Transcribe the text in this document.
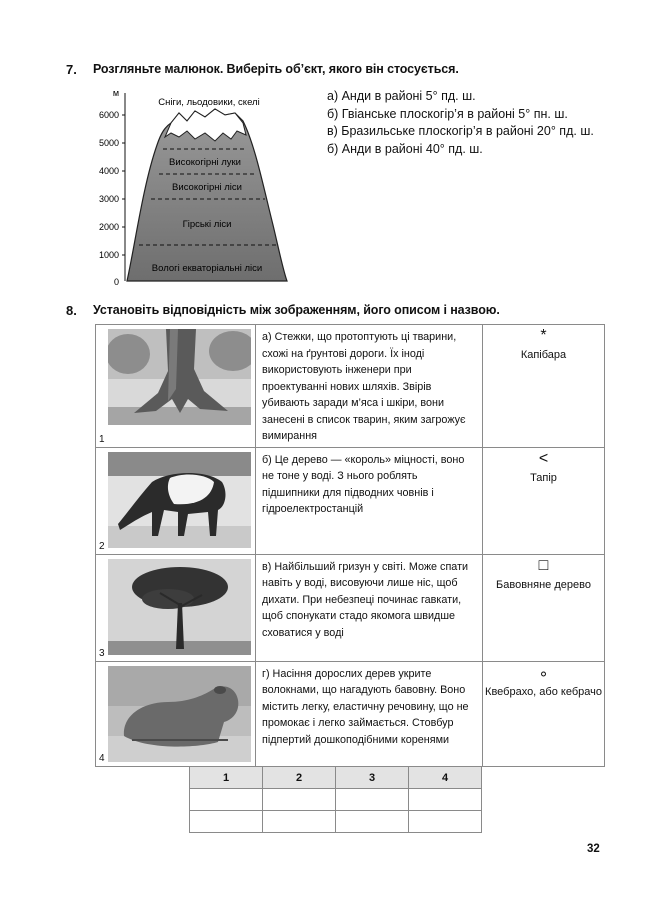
7. Розгляньте малюнок. Виберіть об’єкт, якого він стосується.
м
6000
5000
4000
3000
2000
1000
0
Сніги, льодовики, скелі
Високогірні луки
Високогірні ліси
Гірські ліси
Вологі екваторіальні ліси
а) Анди в районі 5° пд. ш.
б) Гвіанське плоскогір’я в районі 5° пн. ш.
в) Бразильське плоскогір’я в районі 20° пд. ш.
б) Анди в районі 40° пд. ш.
8. Установіть відповідність між зображенням, його описом і назвою.
1	а) Стежки, що протоптують ці тварини, схожі на ґрунтові дороги. Їх іноді використовують інженери при проектуванні нових шляхів. Звірів убивають заради м’яса і шкіри, вони занесені в список тварин, яким загрожує вимирання	*
Капібара

2	б) Це дерево — «король» міцності, воно не тоне у воді. З нього роблять підшипники для підводних човнів і гідроелектростанцій	<
Тапір

3	в) Найбільший гризун у світі. Може спати навіть у воді, висовуючи лише ніс, щоб дихати. При небезпеці починає гавкати, щоб спонукати стадо якомога швидше сховатися у воді	□
Бавовняне дерево

4	г) Насіння дорослих дерев укрите волокнами, що нагадують бавовну. Воно містить легку, еластичну речовину, що не промокає і легко займається. Стовбур підпертий дошкоподібними коренями	∘
Квебрахо, або кебрачо
1	2	3	4

32
